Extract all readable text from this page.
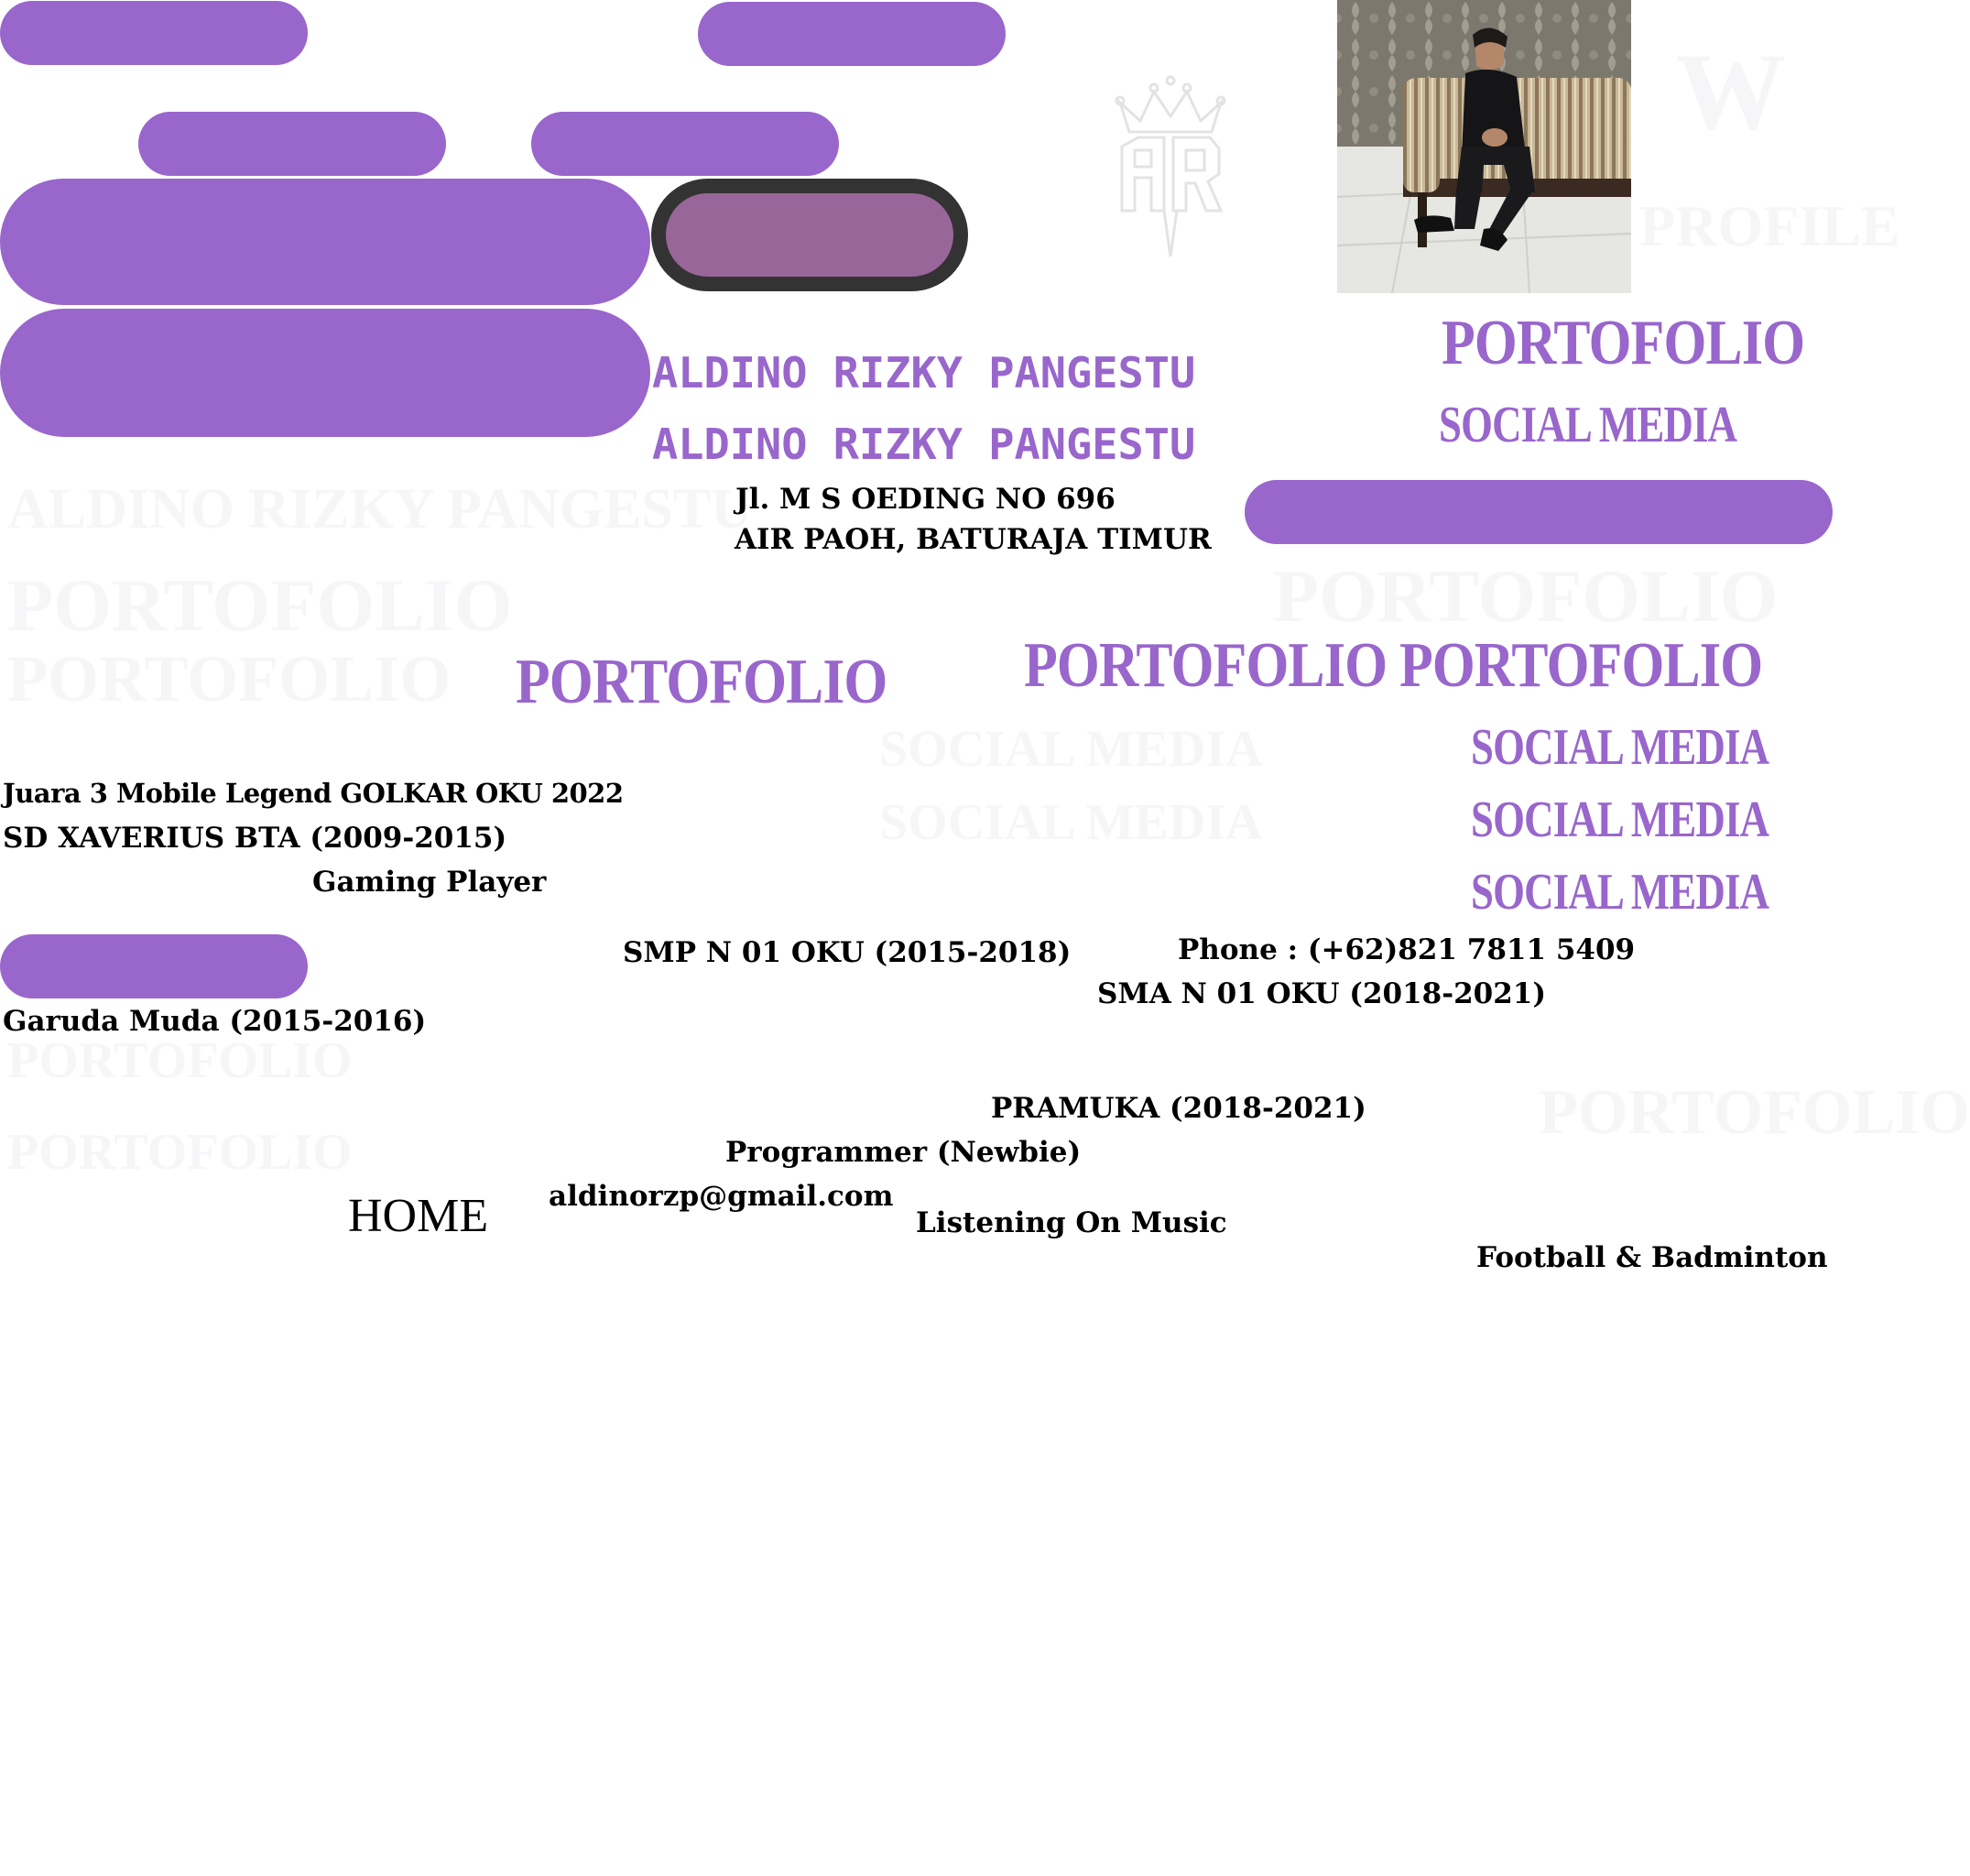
ALDINO RIZKY PANGESTU
PORTOFOLIO
PORTOFOLIO
PORTOFOLIO
SOCIAL MEDIA
SOCIAL MEDIA
PORTOFOLIO
PORTOFOLIO
PORTOFOLIO
W
PROFILE
ALDINO RIZKY PANGESTU
ALDINO RIZKY PANGESTU
PORTOFOLIO
SOCIAL MEDIA
Jl. M S OEDING NO 696
AIR PAOH, BATURAJA TIMUR
PORTOFOLIO PORTOFOLIO PORTOFOLIO
SOCIAL MEDIA
SOCIAL MEDIA
SOCIAL MEDIA
Juara 3 Mobile Legend GOLKAR OKU 2022
SD XAVERIUS BTA (2009-2015)
Gaming Player
SMP N 01 OKU (2015-2018)	Phone : (+62)821 7811 5409
SMA N 01 OKU (2018-2021)
Garuda Muda (2015-2016)
PRAMUKA (2018-2021)
Programmer (Newbie)
aldinorzp@gmail.com
Listening On Music
Football & Badminton
HOME
